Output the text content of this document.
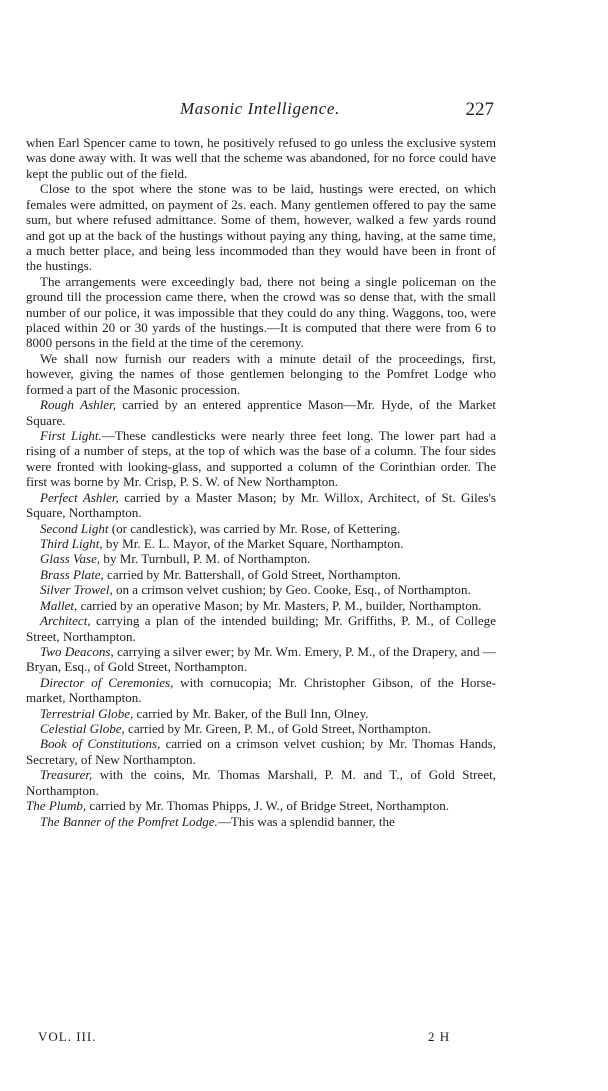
Masonic Intelligence.	227

when Earl Spencer came to town, he positively refused to go unless the exclusive system was done away with. It was well that the scheme was abandoned, for no force could have kept the public out of the field.

Close to the spot where the stone was to be laid, hustings were erected, on which females were admitted, on payment of 2s. each. Many gentlemen offered to pay the same sum, but where refused admittance. Some of them, however, walked a few yards round and got up at the back of the hustings without paying any thing, having, at the same time, a much better place, and being less incommoded than they would have been in front of the hustings.

The arrangements were exceedingly bad, there not being a single policeman on the ground till the procession came there, when the crowd was so dense that, with the small number of our police, it was impossible that they could do any thing. Waggons, too, were placed within 20 or 30 yards of the hustings.—It is computed that there were from 6 to 8000 persons in the field at the time of the ceremony.

We shall now furnish our readers with a minute detail of the proceedings, first, however, giving the names of those gentlemen belonging to the Pomfret Lodge who formed a part of the Masonic procession.

Rough Ashler, carried by an entered apprentice Mason—Mr. Hyde, of the Market Square.

First Light.—These candlesticks were nearly three feet long. The lower part had a rising of a number of steps, at the top of which was the base of a column. The four sides were fronted with looking-glass, and supported a column of the Corinthian order. The first was borne by Mr. Crisp, P. S. W. of New Northampton.

Perfect Ashler, carried by a Master Mason; by Mr. Willox, Architect, of St. Giles's Square, Northampton.

Second Light (or candlestick), was carried by Mr. Rose, of Kettering.

Third Light, by Mr. E. L. Mayor, of the Market Square, Northampton.

Glass Vase, by Mr. Turnbull, P. M. of Northampton.

Brass Plate, carried by Mr. Battershall, of Gold Street, Northampton.

Silver Trowel, on a crimson velvet cushion; by Geo. Cooke, Esq., of Northampton.

Mallet, carried by an operative Mason; by Mr. Masters, P. M., builder, Northampton.

Architect, carrying a plan of the intended building; Mr. Griffiths, P. M., of College Street, Northampton.

Two Deacons, carrying a silver ewer; by Mr. Wm. Emery, P. M., of the Drapery, and — Bryan, Esq., of Gold Street, Northampton.

Director of Ceremonies, with cornucopia; Mr. Christopher Gibson, of the Horse-market, Northampton.

Terrestrial Globe, carried by Mr. Baker, of the Bull Inn, Olney.

Celestial Globe, carried by Mr. Green, P. M., of Gold Street, Northampton.

Book of Constitutions, carried on a crimson velvet cushion; by Mr. Thomas Hands, Secretary, of New Northampton.

Treasurer, with the coins, Mr. Thomas Marshall, P. M. and T., of Gold Street, Northampton.

The Plumb, carried by Mr. Thomas Phipps, J. W., of Bridge Street, Northampton.

The Banner of the Pomfret Lodge.—This was a splendid banner, the

VOL. III.	2 H
